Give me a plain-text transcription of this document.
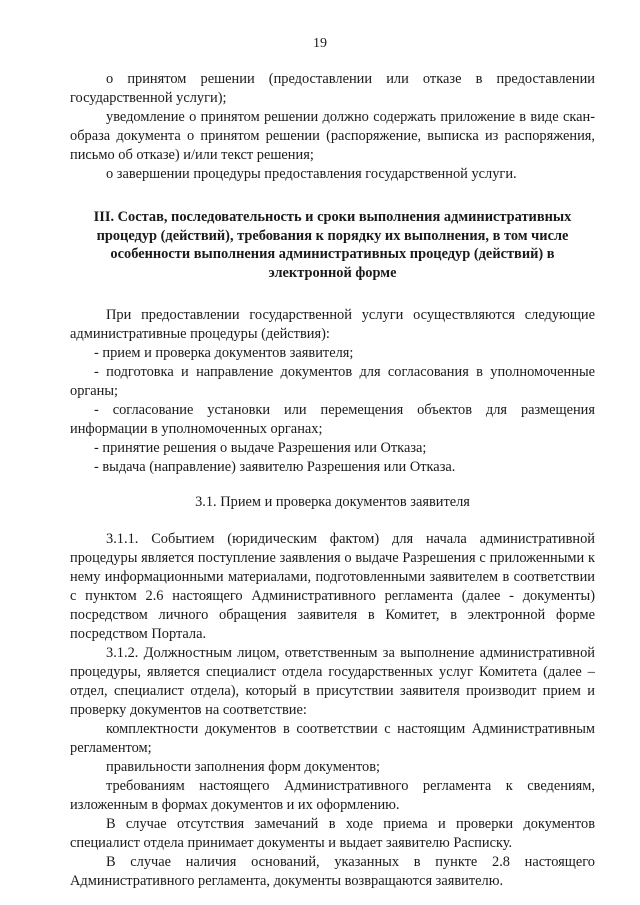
19

о принятом решении (предоставлении или отказе в предоставлении государственной услуги);

уведомление о принятом решении должно содержать приложение в виде скан-образа документа о принятом решении (распоряжение, выписка из распоряжения, письмо об отказе) и/или текст решения;

о завершении процедуры предоставления государственной услуги.

III. Состав, последовательность и сроки выполнения административных процедур (действий), требования к порядку их выполнения, в том числе особенности выполнения административных процедур (действий) в электронной форме

При предоставлении государственной услуги осуществляются следующие административные процедуры (действия):

- прием и проверка документов заявителя;

- подготовка и направление документов для согласования в уполномоченные органы;

- согласование установки или перемещения объектов для размещения информации в уполномоченных органах;

- принятие решения о выдаче Разрешения или Отказа;

- выдача (направление) заявителю Разрешения или Отказа.

3.1. Прием и проверка документов заявителя

3.1.1. Событием (юридическим фактом) для начала административной процедуры является поступление заявления о выдаче Разрешения с приложенными к нему информационными материалами, подготовленными заявителем в соответствии с пунктом 2.6 настоящего Административного регламента (далее - документы) посредством личного обращения заявителя в Комитет, в электронной форме посредством Портала.

3.1.2. Должностным лицом, ответственным за выполнение административной процедуры, является специалист отдела государственных услуг Комитета (далее – отдел, специалист отдела), который в присутствии заявителя производит прием и проверку документов на соответствие:

комплектности документов в соответствии с настоящим Административным регламентом;

правильности заполнения форм документов;

требованиям настоящего Административного регламента к сведениям, изложенным в формах документов и их оформлению.

В случае отсутствия замечаний в ходе приема и проверки документов специалист отдела принимает документы и выдает заявителю Расписку.

В случае наличия оснований, указанных в пункте 2.8 настоящего Административного регламента, документы возвращаются заявителю.
